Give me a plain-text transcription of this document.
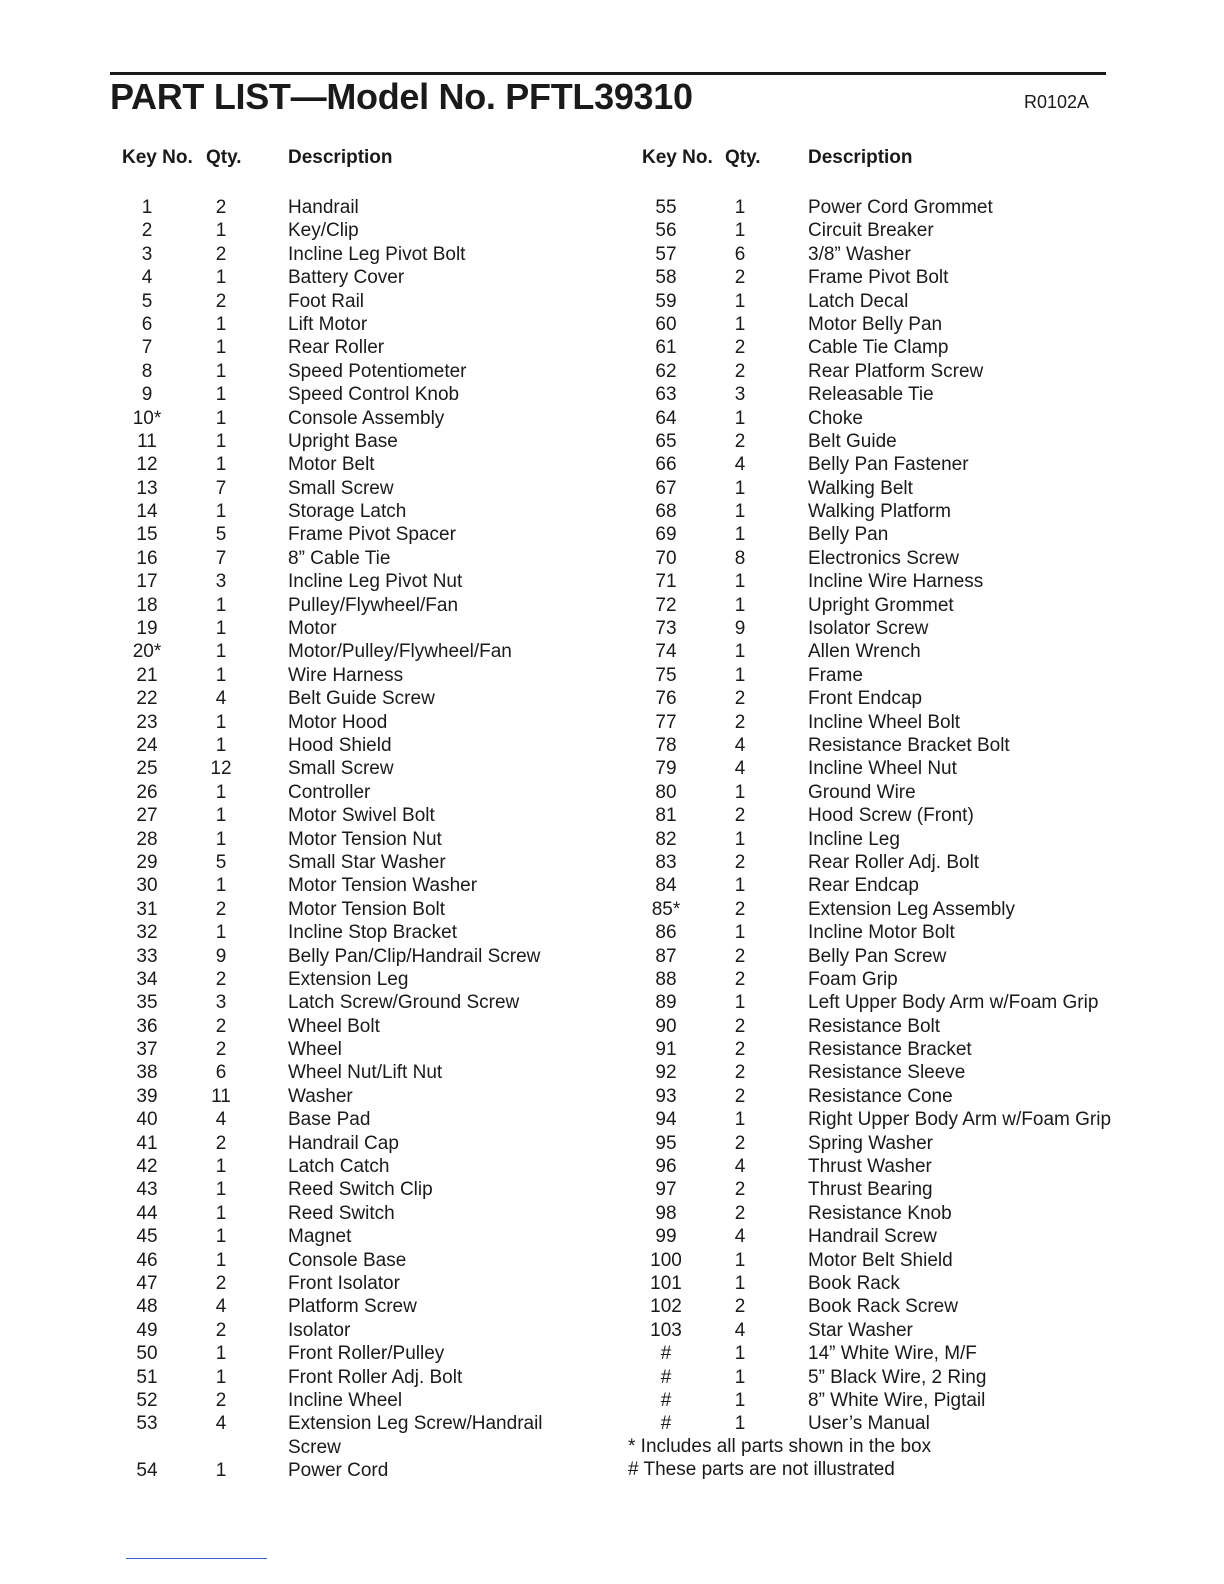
PART LIST—Model No. PFTL39310	R0102A
Key No. Qty. Description	Key No. Qty. Description
1	2	Handrail
2	1	Key/Clip
3	2	Incline Leg Pivot Bolt
4	1	Battery Cover
5	2	Foot Rail
6	1	Lift Motor
7	1	Rear Roller
8	1	Speed Potentiometer
9	1	Speed Control Knob
10*	1	Console Assembly
11	1	Upright Base
12	1	Motor Belt
13	7	Small Screw
14	1	Storage Latch
15	5	Frame Pivot Spacer
16	7	8” Cable Tie
17	3	Incline Leg Pivot Nut
18	1	Pulley/Flywheel/Fan
19	1	Motor
20*	1	Motor/Pulley/Flywheel/Fan
21	1	Wire Harness
22	4	Belt Guide Screw
23	1	Motor Hood
24	1	Hood Shield
25	12	Small Screw
26	1	Controller
27	1	Motor Swivel Bolt
28	1	Motor Tension Nut
29	5	Small Star Washer
30	1	Motor Tension Washer
31	2	Motor Tension Bolt
32	1	Incline Stop Bracket
33	9	Belly Pan/Clip/Handrail Screw
34	2	Extension Leg
35	3	Latch Screw/Ground Screw
36	2	Wheel Bolt
37	2	Wheel
38	6	Wheel Nut/Lift Nut
39	11	Washer
40	4	Base Pad
41	2	Handrail Cap
42	1	Latch Catch
43	1	Reed Switch Clip
44	1	Reed Switch
45	1	Magnet
46	1	Console Base
47	2	Front Isolator
48	4	Platform Screw
49	2	Isolator
50	1	Front Roller/Pulley
51	1	Front Roller Adj. Bolt
52	2	Incline Wheel
53	4	Extension Leg Screw/Handrail
Screw
54	1	Power Cord
55	1	Power Cord Grommet
56	1	Circuit Breaker
57	6	3/8” Washer
58	2	Frame Pivot Bolt
59	1	Latch Decal
60	1	Motor Belly Pan
61	2	Cable Tie Clamp
62	2	Rear Platform Screw
63	3	Releasable Tie
64	1	Choke
65	2	Belt Guide
66	4	Belly Pan Fastener
67	1	Walking Belt
68	1	Walking Platform
69	1	Belly Pan
70	8	Electronics Screw
71	1	Incline Wire Harness
72	1	Upright Grommet
73	9	Isolator Screw
74	1	Allen Wrench
75	1	Frame
76	2	Front Endcap
77	2	Incline Wheel Bolt
78	4	Resistance Bracket Bolt
79	4	Incline Wheel Nut
80	1	Ground Wire
81	2	Hood Screw (Front)
82	1	Incline Leg
83	2	Rear Roller Adj. Bolt
84	1	Rear Endcap
85*	2	Extension Leg Assembly
86	1	Incline Motor Bolt
87	2	Belly Pan Screw
88	2	Foam Grip
89	1	Left Upper Body Arm w/Foam Grip
90	2	Resistance Bolt
91	2	Resistance Bracket
92	2	Resistance Sleeve
93	2	Resistance Cone
94	1	Right Upper Body Arm w/Foam Grip
95	2	Spring Washer
96	4	Thrust Washer
97	2	Thrust Bearing
98	2	Resistance Knob
99	4	Handrail Screw
100	1	Motor Belt Shield
101	1	Book Rack
102	2	Book Rack Screw
103	4	Star Washer
#	1	14” White Wire, M/F
#	1	5” Black Wire, 2 Ring
#	1	8” White Wire, Pigtail
#	1	User’s Manual
* Includes all parts shown in the box
# These parts are not illustrated
